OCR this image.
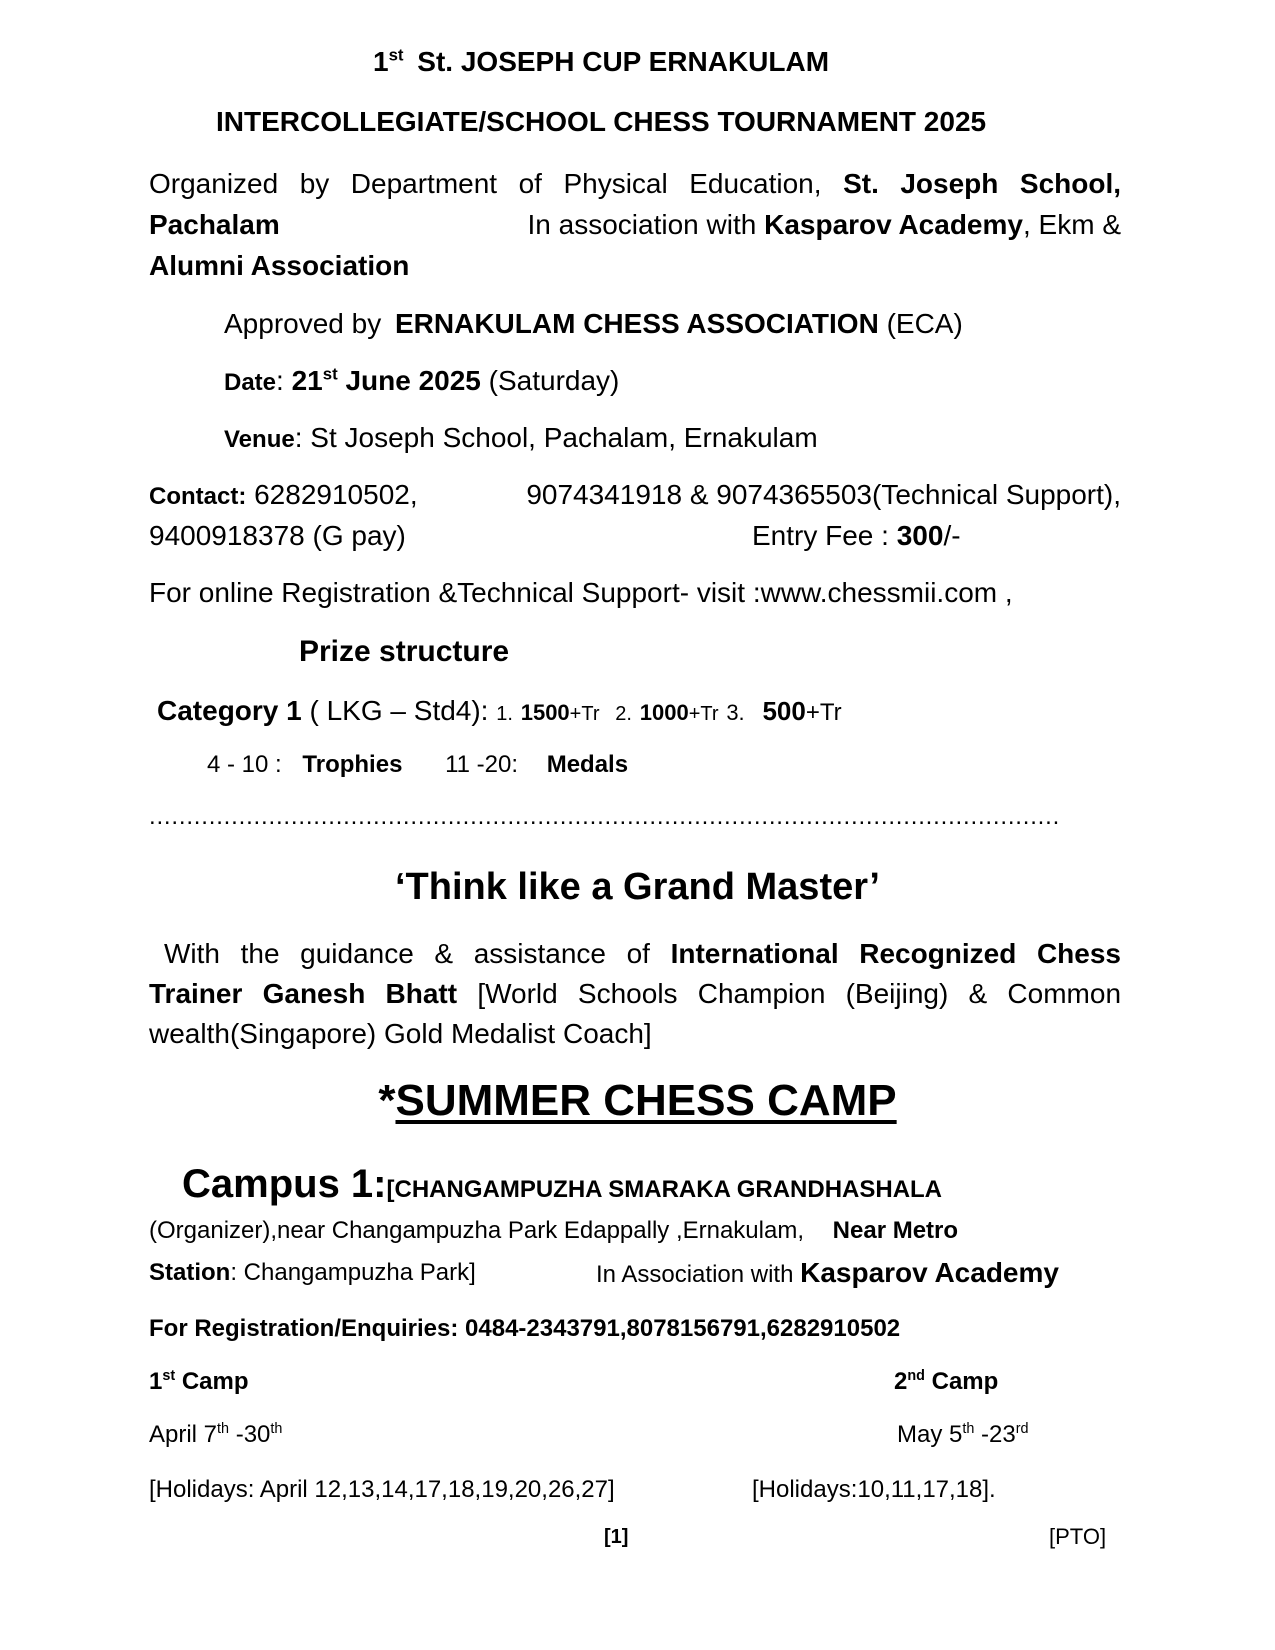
1st St. JOSEPH CUP ERNAKULAM
INTERCOLLEGIATE/SCHOOL CHESS TOURNAMENT 2025
Organized by Department of Physical Education, St. Joseph School,
Pachalam	In association with Kasparov Academy, Ekm &
Alumni Association
Approved by ERNAKULAM CHESS ASSOCIATION (ECA)
Date: 21st June 2025 (Saturday)
Venue: St Joseph School, Pachalam, Ernakulam
Contact: 6282910502,	9074341918 & 9074365503(Technical Support),
9400918378 (G pay)	Entry Fee : 300/-
For online Registration &Technical Support- visit :www.chessmii.com ,
Prize structure
Category 1 ( LKG – Std4): 1. 1500+Tr 2. 1000+Tr 3. 500+Tr
4 - 10 : Trophies 11 -20: Medals
..........................................................................................................................
‘Think like a Grand Master’
With the guidance & assistance of International Recognized Chess
Trainer Ganesh Bhatt [World Schools Champion (Beijing) & Common
wealth(Singapore) Gold Medalist Coach]
*SUMMER CHESS CAMP
Campus 1:[CHANGAMPUZHA SMARAKA GRANDHASHALA
(Organizer),near Changampuzha Park Edappally ,Ernakulam, Near Metro
Station: Changampuzha Park]	In Association with Kasparov Academy
For Registration/Enquiries: 0484-2343791,8078156791,6282910502
1st Camp	2nd Camp
April 7th -30th	May 5th -23rd
[Holidays: April 12,13,14,17,18,19,20,26,27]	[Holidays:10,11,17,18].
[1]	[PTO]
